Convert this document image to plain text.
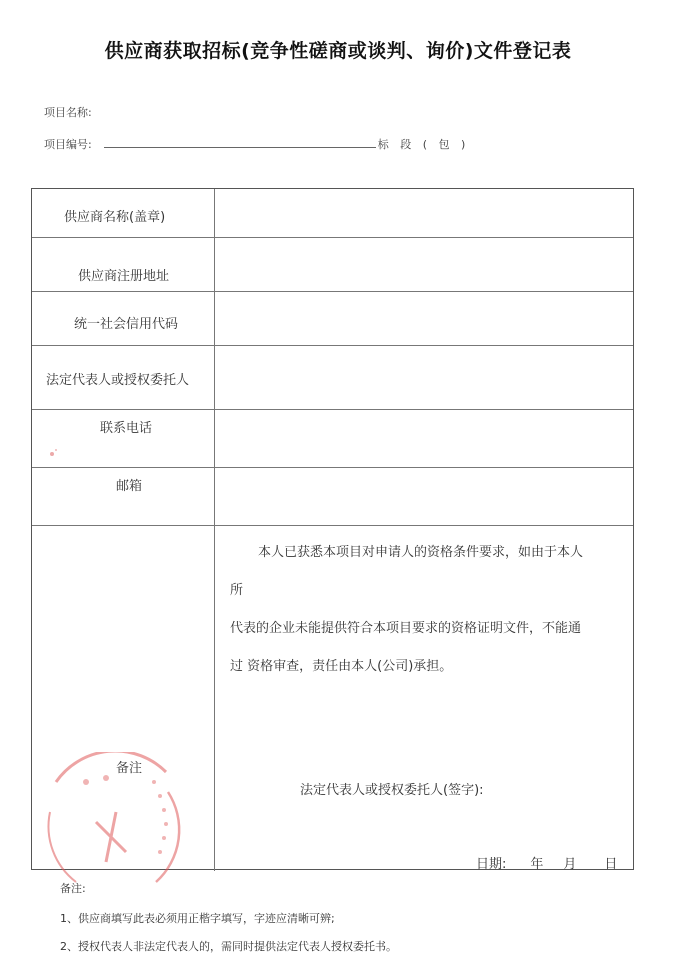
供应商获取招标(竞争性磋商或谈判、询价)文件登记表
项目名称:
项目编号:	标 段 ( 包 )
供应商名称(盖章)
供应商注册地址
统一社会信用代码
法定代表人或授权委托人
联系电话
邮箱
备注
本人已获悉本项目对申请人的资格条件要求，如由于本人
所
代表的企业未能提供符合本项目要求的资格证明文件，不能通
过 资格审查，责任由本人(公司)承担。
法定代表人或授权委托人(签字):
日期: 年 月 日
备注:
1、供应商填写此表必须用正楷字填写，字迹应清晰可辨;
2、授权代表人非法定代表人的，需同时提供法定代表人授权委托书。
